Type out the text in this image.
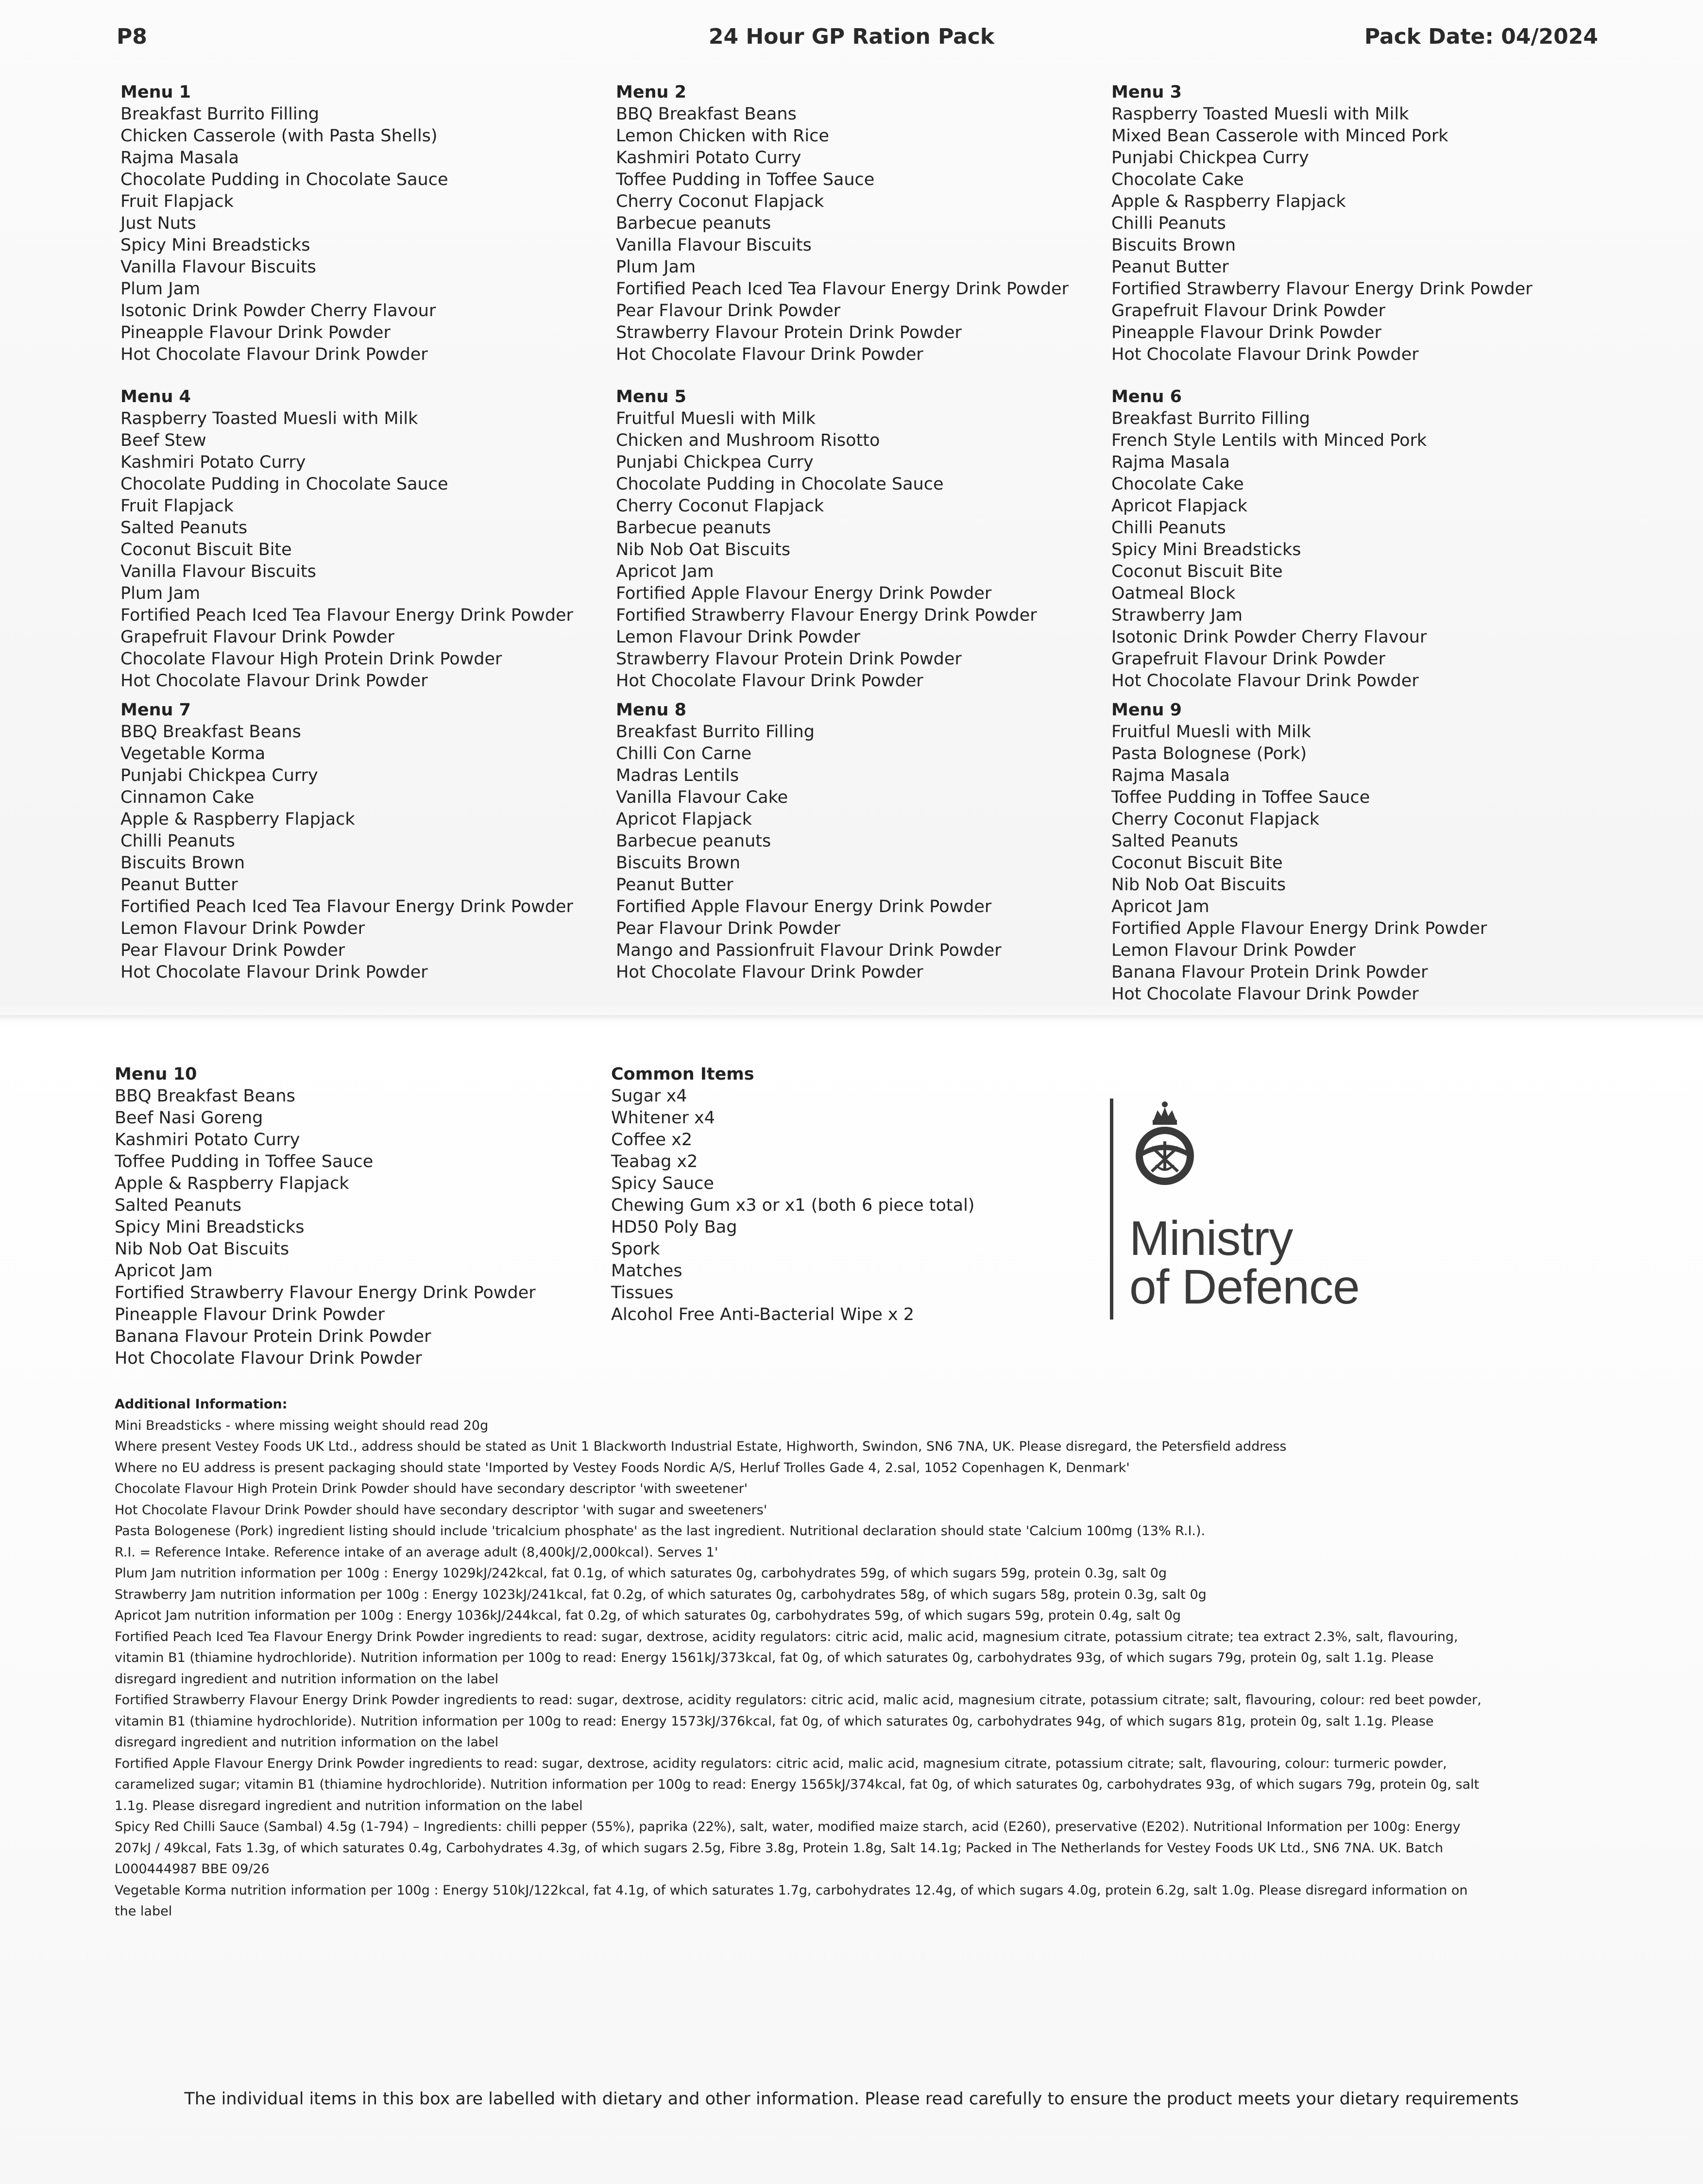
P8	24 Hour GP Ration Pack	Pack Date: 04/2024
Menu 1
Breakfast Burrito Filling
Chicken Casserole (with Pasta Shells)
Rajma Masala
Chocolate Pudding in Chocolate Sauce
Fruit Flapjack
Just Nuts
Spicy Mini Breadsticks
Vanilla Flavour Biscuits
Plum Jam
Isotonic Drink Powder Cherry Flavour
Pineapple Flavour Drink Powder
Hot Chocolate Flavour Drink Powder
Menu 2
BBQ Breakfast Beans
Lemon Chicken with Rice
Kashmiri Potato Curry
Toffee Pudding in Toffee Sauce
Cherry Coconut Flapjack
Barbecue peanuts
Vanilla Flavour Biscuits
Plum Jam
Fortified Peach Iced Tea Flavour Energy Drink Powder
Pear Flavour Drink Powder
Strawberry Flavour Protein Drink Powder
Hot Chocolate Flavour Drink Powder
Menu 3
Raspberry Toasted Muesli with Milk
Mixed Bean Casserole with Minced Pork
Punjabi Chickpea Curry
Chocolate Cake
Apple & Raspberry Flapjack
Chilli Peanuts
Biscuits Brown
Peanut Butter
Fortified Strawberry Flavour Energy Drink Powder
Grapefruit Flavour Drink Powder
Pineapple Flavour Drink Powder
Hot Chocolate Flavour Drink Powder
Menu 4
Raspberry Toasted Muesli with Milk
Beef Stew
Kashmiri Potato Curry
Chocolate Pudding in Chocolate Sauce
Fruit Flapjack
Salted Peanuts
Coconut Biscuit Bite
Vanilla Flavour Biscuits
Plum Jam
Fortified Peach Iced Tea Flavour Energy Drink Powder
Grapefruit Flavour Drink Powder
Chocolate Flavour High Protein Drink Powder
Hot Chocolate Flavour Drink Powder
Menu 5
Fruitful Muesli with Milk
Chicken and Mushroom Risotto
Punjabi Chickpea Curry
Chocolate Pudding in Chocolate Sauce
Cherry Coconut Flapjack
Barbecue peanuts
Nib Nob Oat Biscuits
Apricot Jam
Fortified Apple Flavour Energy Drink Powder
Fortified Strawberry Flavour Energy Drink Powder
Lemon Flavour Drink Powder
Strawberry Flavour Protein Drink Powder
Hot Chocolate Flavour Drink Powder
Menu 6
Breakfast Burrito Filling
French Style Lentils with Minced Pork
Rajma Masala
Chocolate Cake
Apricot Flapjack
Chilli Peanuts
Spicy Mini Breadsticks
Coconut Biscuit Bite
Oatmeal Block
Strawberry Jam
Isotonic Drink Powder Cherry Flavour
Grapefruit Flavour Drink Powder
Hot Chocolate Flavour Drink Powder
Menu 7
BBQ Breakfast Beans
Vegetable Korma
Punjabi Chickpea Curry
Cinnamon Cake
Apple & Raspberry Flapjack
Chilli Peanuts
Biscuits Brown
Peanut Butter
Fortified Peach Iced Tea Flavour Energy Drink Powder
Lemon Flavour Drink Powder
Pear Flavour Drink Powder
Hot Chocolate Flavour Drink Powder
Menu 8
Breakfast Burrito Filling
Chilli Con Carne
Madras Lentils
Vanilla Flavour Cake
Apricot Flapjack
Barbecue peanuts
Biscuits Brown
Peanut Butter
Fortified Apple Flavour Energy Drink Powder
Pear Flavour Drink Powder
Mango and Passionfruit Flavour Drink Powder
Hot Chocolate Flavour Drink Powder
Menu 9
Fruitful Muesli with Milk
Pasta Bolognese (Pork)
Rajma Masala
Toffee Pudding in Toffee Sauce
Cherry Coconut Flapjack
Salted Peanuts
Coconut Biscuit Bite
Nib Nob Oat Biscuits
Apricot Jam
Fortified Apple Flavour Energy Drink Powder
Lemon Flavour Drink Powder
Banana Flavour Protein Drink Powder
Hot Chocolate Flavour Drink Powder
Menu 10
BBQ Breakfast Beans
Beef Nasi Goreng
Kashmiri Potato Curry
Toffee Pudding in Toffee Sauce
Apple & Raspberry Flapjack
Salted Peanuts
Spicy Mini Breadsticks
Nib Nob Oat Biscuits
Apricot Jam
Fortified Strawberry Flavour Energy Drink Powder
Pineapple Flavour Drink Powder
Banana Flavour Protein Drink Powder
Hot Chocolate Flavour Drink Powder
Common Items
Sugar x4
Whitener x4
Coffee x2
Teabag x2
Spicy Sauce
Chewing Gum x3 or x1 (both 6 piece total)
HD50 Poly Bag
Spork
Matches
Tissues
Alcohol Free Anti-Bacterial Wipe x 2
Ministry
of Defence
Additional Information:
Mini Breadsticks - where missing weight should read 20g
Where present Vestey Foods UK Ltd., address should be stated as Unit 1 Blackworth Industrial Estate, Highworth, Swindon, SN6 7NA, UK. Please disregard, the Petersfield address
Where no EU address is present packaging should state 'Imported by Vestey Foods Nordic A/S, Herluf Trolles Gade 4, 2.sal, 1052 Copenhagen K, Denmark'
Chocolate Flavour High Protein Drink Powder should have secondary descriptor 'with sweetener'
Hot Chocolate Flavour Drink Powder should have secondary descriptor 'with sugar and sweeteners'
Pasta Bologenese (Pork) ingredient listing should include 'tricalcium phosphate' as the last ingredient. Nutritional declaration should state 'Calcium 100mg (13% R.I.).
R.I. = Reference Intake. Reference intake of an average adult (8,400kJ/2,000kcal). Serves 1'
Plum Jam nutrition information per 100g : Energy 1029kJ/242kcal, fat 0.1g, of which saturates 0g, carbohydrates 59g, of which sugars 59g, protein 0.3g, salt 0g
Strawberry Jam nutrition information per 100g : Energy 1023kJ/241kcal, fat 0.2g, of which saturates 0g, carbohydrates 58g, of which sugars 58g, protein 0.3g, salt 0g
Apricot Jam nutrition information per 100g : Energy 1036kJ/244kcal, fat 0.2g, of which saturates 0g, carbohydrates 59g, of which sugars 59g, protein 0.4g, salt 0g
Fortified Peach Iced Tea Flavour Energy Drink Powder ingredients to read: sugar, dextrose, acidity regulators: citric acid, malic acid, magnesium citrate, potassium citrate; tea extract 2.3%, salt, flavouring, vitamin B1 (thiamine hydrochloride). Nutrition information per 100g to read: Energy 1561kJ/373kcal, fat 0g, of which saturates 0g, carbohydrates 93g, of which sugars 79g, protein 0g, salt 1.1g. Please disregard ingredient and nutrition information on the label
Fortified Strawberry Flavour Energy Drink Powder ingredients to read: sugar, dextrose, acidity regulators: citric acid, malic acid, magnesium citrate, potassium citrate; salt, flavouring, colour: red beet powder, vitamin B1 (thiamine hydrochloride). Nutrition information per 100g to read: Energy 1573kJ/376kcal, fat 0g, of which saturates 0g, carbohydrates 94g, of which sugars 81g, protein 0g, salt 1.1g. Please disregard ingredient and nutrition information on the label
Fortified Apple Flavour Energy Drink Powder ingredients to read: sugar, dextrose, acidity regulators: citric acid, malic acid, magnesium citrate, potassium citrate; salt, flavouring, colour: turmeric powder, caramelized sugar; vitamin B1 (thiamine hydrochloride). Nutrition information per 100g to read: Energy 1565kJ/374kcal, fat 0g, of which saturates 0g, carbohydrates 93g, of which sugars 79g, protein 0g, salt 1.1g. Please disregard ingredient and nutrition information on the label
Spicy Red Chilli Sauce (Sambal) 4.5g (1-794) – Ingredients: chilli pepper (55%), paprika (22%), salt, water, modified maize starch, acid (E260), preservative (E202). Nutritional Information per 100g: Energy 207kJ / 49kcal, Fats 1.3g, of which saturates 0.4g, Carbohydrates 4.3g, of which sugars 2.5g, Fibre 3.8g, Protein 1.8g, Salt 14.1g; Packed in The Netherlands for Vestey Foods UK Ltd., SN6 7NA. UK. Batch L000444987 BBE 09/26
Vegetable Korma nutrition information per 100g : Energy 510kJ/122kcal, fat 4.1g, of which saturates 1.7g, carbohydrates 12.4g, of which sugars 4.0g, protein 6.2g, salt 1.0g. Please disregard information on the label
The individual items in this box are labelled with dietary and other information. Please read carefully to ensure the product meets your dietary requirements
